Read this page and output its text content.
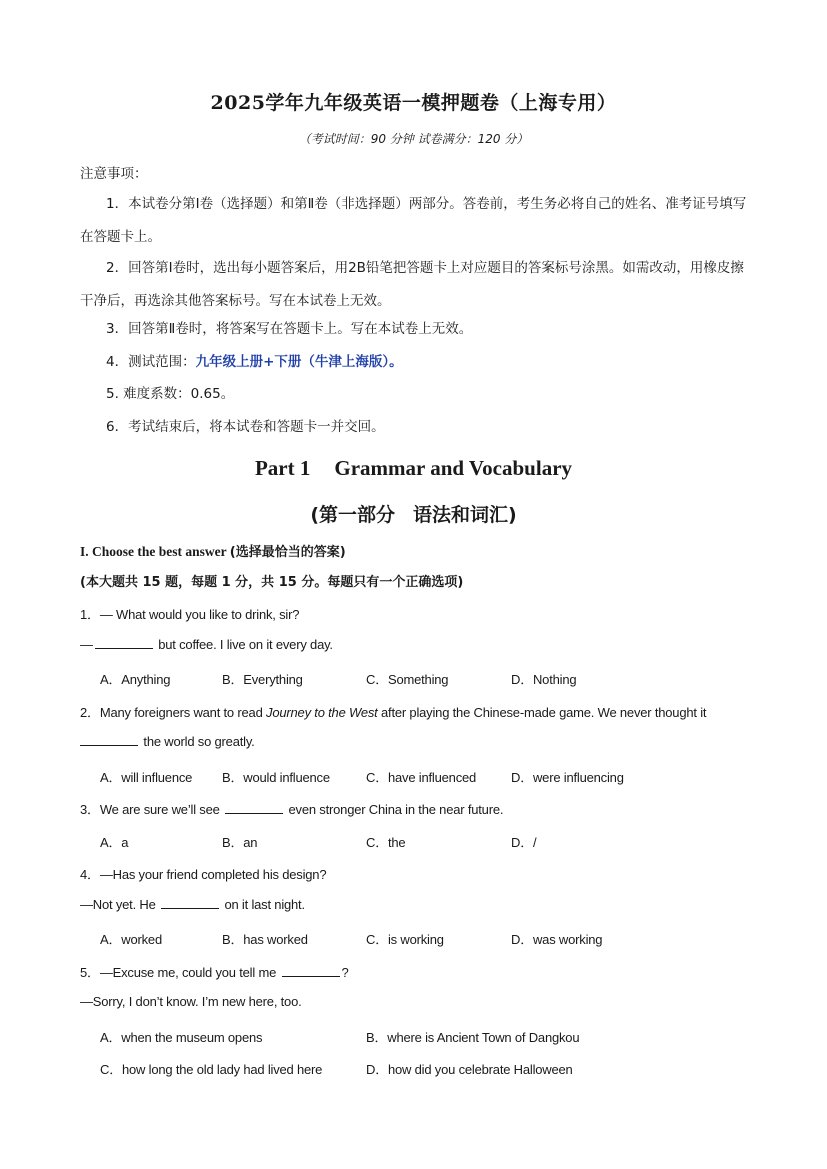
2025学年九年级英语一模押题卷（上海专用）
（考试时间：90 分钟 试卷满分：120 分）
注意事项：
1．本试卷分第Ⅰ卷（选择题）和第Ⅱ卷（非选择题）两部分。答卷前，考生务必将自己的姓名、准考证号填写在答题卡上。
2．回答第Ⅰ卷时，选出每小题答案后，用2B铅笔把答题卡上对应题目的答案标号涂黑。如需改动，用橡皮擦干净后，再选涂其他答案标号。写在本试卷上无效。
3．回答第Ⅱ卷时，将答案写在答题卡上。写在本试卷上无效。
4．测试范围：九年级上册+下册（牛津上海版）。
5. 难度系数：0.65。
6．考试结束后，将本试卷和答题卡一并交回。
Part 1 Grammar and Vocabulary
(第一部分 语法和词汇)
I. Choose the best answer (选择最恰当的答案)
(本大题共 15 题，每题 1 分，共 15 分。每题只有一个正确选项)
1．— What would you like to drink, sir?
—	but coffee. I live on it every day.
A．Anything	B．Everything	C．Something	D．Nothing
2．Many foreigners want to read Journey to the West after playing the Chinese-made game. We never thought it
the world so greatly.
A．will influence B．would influence	C．have influenced	D．were influencing
3．We are sure we’ll see	even stronger China in the near future.
A．a	B．an	C．the	D．/
4．—Has your friend completed his design?
—Not yet. He	on it last night.
A．worked	B．has worked	C．is working	D．was working
5．—Excuse me, could you tell me	?
—Sorry, I don’t know. I’m new here, too.
A．when the museum opens	B．where is Ancient Town of Dangkou
C．how long the old lady had lived here	D．how did you celebrate Halloween
